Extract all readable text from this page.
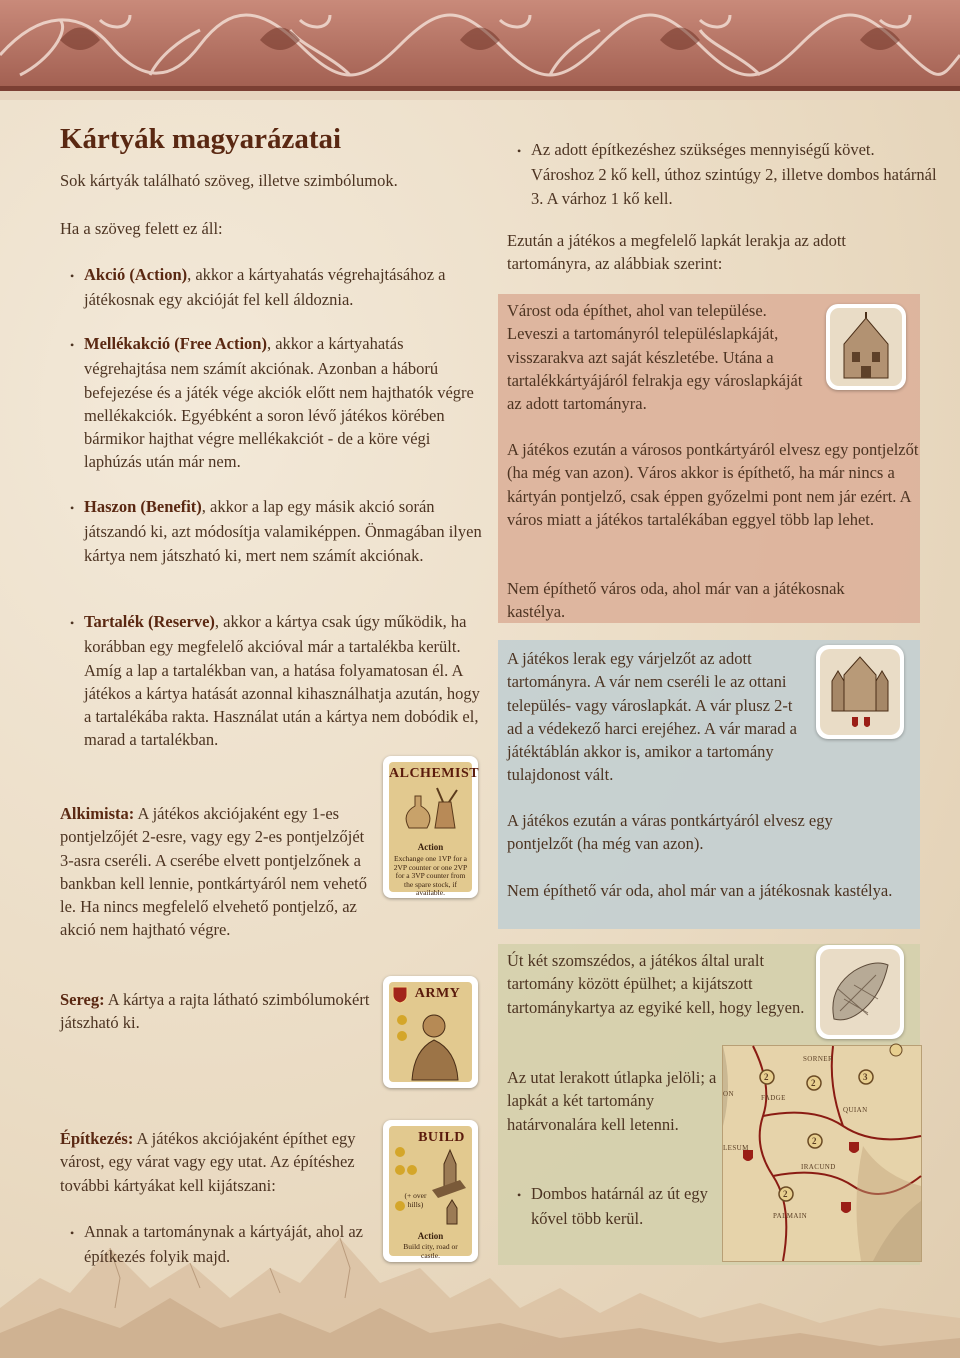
Kártyák magyarázatai
Sok kártyák található szöveg, illetve szimbólumok.
Ha a szöveg felett ez áll:
• Akció (Action), akkor a kártyahatás végrehajtásához a játékosnak egy akcióját fel kell áldoznia.
• Mellékakció (Free Action), akkor a kártyahatás végrehajtása nem számít akciónak. Azonban a háború befejezése és a játék vége akciók előtt nem hajthatók végre mellékakciók. Egyébként a soron lévő játékos körében bármikor hajthat végre mellékakciót - de a köre végi laphúzás után már nem.
• Haszon (Benefit), akkor a lap egy másik akció során játszandó ki, azt módosítja valamiképpen. Önmagában ilyen kártya nem játszható ki, mert nem számít akciónak.
• Tartalék (Reserve), akkor a kártya csak úgy működik, ha korábban egy megfelelő akcióval már a tartalékba került. Amíg a lap a tartalékban van, a hatása folyamatosan él. A játékos a kártya hatását azonnal kihasználhatja azután, hogy a tartalékába rakta. Használat után a kártya nem dobódik el, marad a tartalékban.
Alkimista: A játékos akciójaként egy 1-es pontjelzőjét 2-esre, vagy egy 2-es pontjelzőjét 3-asra cseréli. A cserébe elvett pontjelzőnek a bankban kell lennie, pontkártyáról nem vehető le. Ha nincs megfelelő elvehető pontjelző, az akció nem hajtható végre.
Sereg: A kártya a rajta látható szimbólumokért játszható ki.
Építkezés: A játékos akciójaként építhet egy várost, egy várat vagy egy utat. Az építéshez további kártyákat kell kijátszani:
• Annak a tartománynak a kártyáját, ahol az építkezés folyik majd.
ALCHEMIST
Action
Exchange one 1VP for a 2VP counter or one 2VP for a 3VP counter from the spare stock, if available.
ARMY
BUILD
(+ over hills)
Action
Build city, road or castle.
• Az adott építkezéshez szükséges mennyiségű követ. Városhoz 2 kő kell, úthoz szintúgy 2, illetve dombos határnál 3. A várhoz 1 kő kell.
Ezután a játékos a megfelelő lapkát lerakja az adott tartományra, az alábbiak szerint:
Várost oda építhet, ahol van települése. Leveszi a tartományról településlapkáját, visszarakva azt saját készletébe. Utána a tartalékkártyájáról felrakja egy városlapkáját az adott tartományra.
A játékos ezután a városos pontkártyáról elvesz egy pontjelzőt (ha még van azon). Város akkor is építhető, ha már nincs a kártyán pontjelző, csak éppen győzelmi pont nem jár ezért. A város miatt a játékos tartalékában eggyel több lap lehet.
Nem építhető város oda, ahol már van a játékosnak kastélya.
A játékos lerak egy várjelzőt az adott tartományra. A vár nem cseréli le az ottani település- vagy városlapkát. A vár plusz 2-t ad a védekező harci erejéhez. A vár marad a játéktáblán akkor is, amikor a tartomány tulajdonost vált.
A játékos ezután a váras pontkártyáról elvesz egy pontjelzőt (ha még van azon).
Nem építhető vár oda, ahol már van a játékosnak kastélya.
Út két szomszédos, a játékos által uralt tartomány között épülhet; a kijátszott tartománykartya az egyiké kell, hogy legyen.
Az utat lerakott útlapka jelöli; a lapkát a két tartomány határvonalára kell letenni.
• Dombos határnál az út egy kővel több kerül.
SORNER
FADGE
QUIAN
IRACUND
PALMAIN
LESUM
ON
2
2
3
2
2
